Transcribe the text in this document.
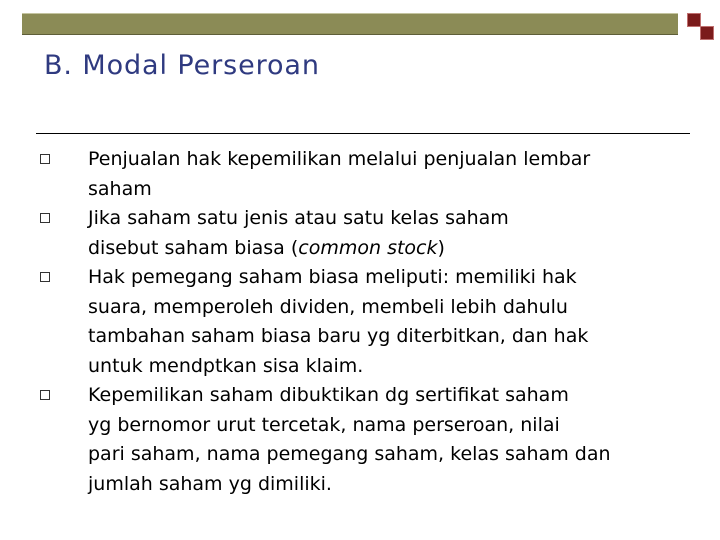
B. Modal Perseroan
Penjualan hak kepemilikan melalui penjualan lembar
saham
Jika saham satu jenis atau satu kelas saham
disebut saham biasa (common stock)
Hak pemegang saham biasa meliputi: memiliki hak
suara, memperoleh dividen, membeli lebih dahulu
tambahan saham biasa baru yg diterbitkan, dan hak
untuk mendptkan sisa klaim.
Kepemilikan saham dibuktikan dg sertifikat saham
yg bernomor urut tercetak, nama perseroan, nilai
pari saham, nama pemegang saham, kelas saham dan
jumlah saham yg dimiliki.
